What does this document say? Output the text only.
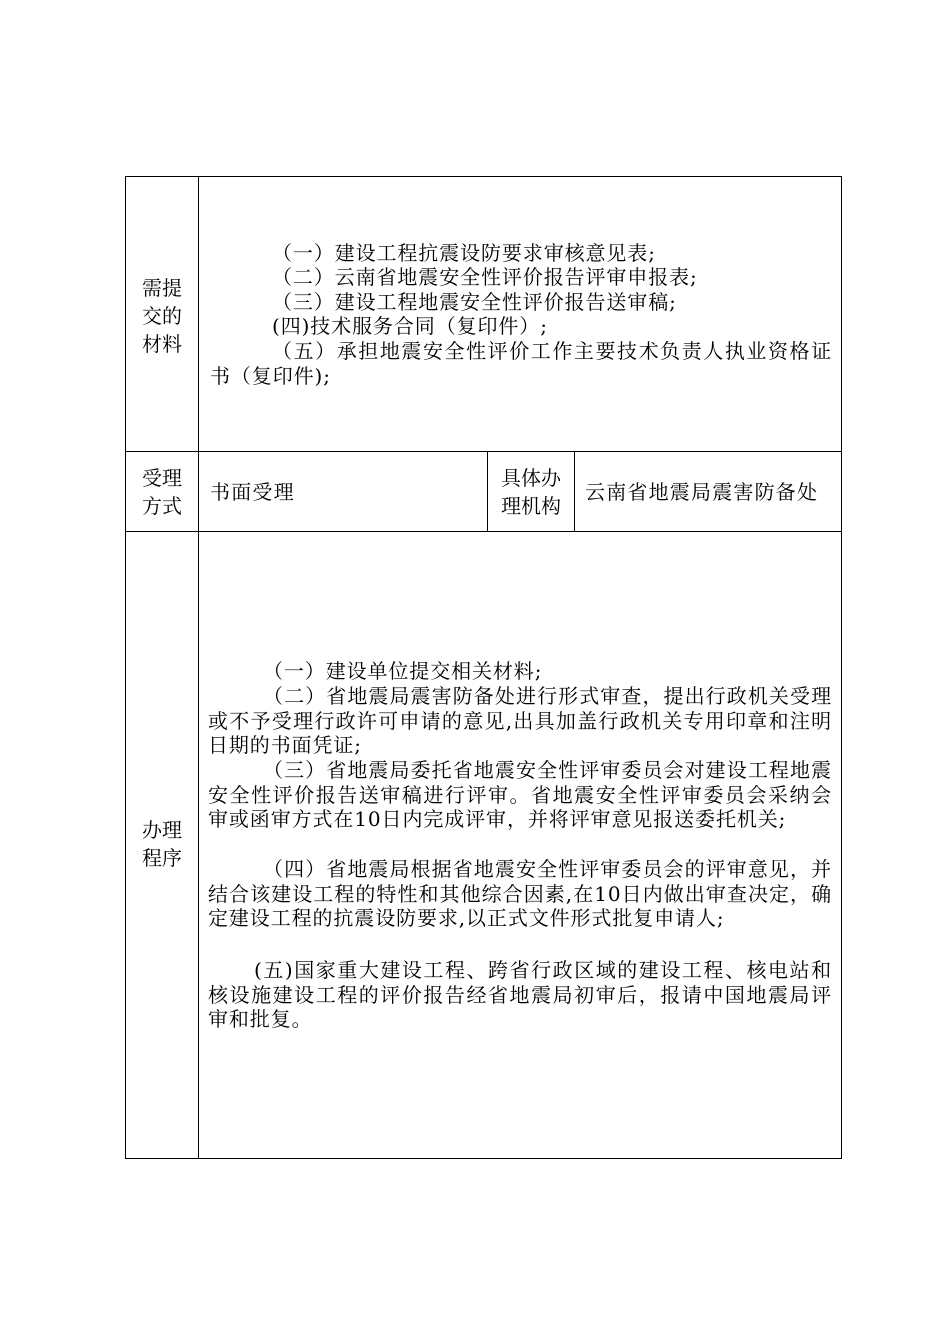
需提
交的
材料

（一）建设工程抗震设防要求审核意见表;

（二）云南省地震安全性评价报告评审申报表;

（三）建设工程地震安全性评价报告送审稿;

(四)技术服务合同（复印件）;

（五）承担地震安全性评价工作主要技术负责人执业资格证书（复印件);

受理
方式
书面受理
具体办
理机构
云南省地震局震害防备处
办理
程序

（一）建设单位提交相关材料;

（二）省地震局震害防备处进行形式审查，提出行政机关受理或不予受理行政许可申请的意见,出具加盖行政机关专用印章和注明日期的书面凭证;

（三）省地震局委托省地震安全性评审委员会对建设工程地震安全性评价报告送审稿进行评审。省地震安全性评审委员会采纳会审或函审方式在10日内完成评审，并将评审意见报送委托机关;

（四）省地震局根据省地震安全性评审委员会的评审意见，并结合该建设工程的特性和其他综合因素,在10日内做出审查决定，确定建设工程的抗震设防要求,以正式文件形式批复申请人;

(五)国家重大建设工程、跨省行政区域的建设工程、核电站和核设施建设工程的评价报告经省地震局初审后，报请中国地震局评审和批复。
